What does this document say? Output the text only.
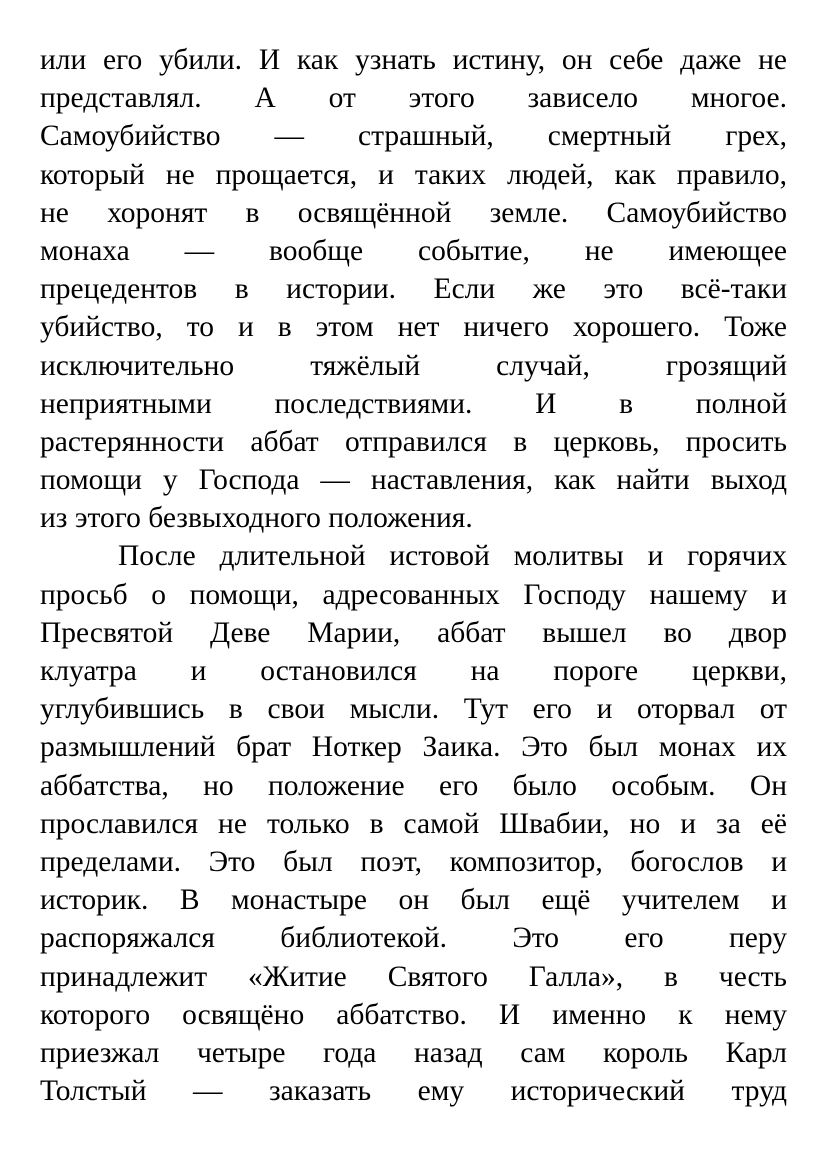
или его убили. И как узнать истину, он себе даже не
представлял. А от этого зависело многое.
Самоубийство — страшный, смертный грех,
который не прощается, и таких людей, как правило,
не хоронят в освящённой земле. Самоубийство
монаха — вообще событие, не имеющее
прецедентов в истории. Если же это всё-таки
убийство, то и в этом нет ничего хорошего. Тоже
исключительно тяжёлый случай, грозящий
неприятными последствиями. И в полной
растерянности аббат отправился в церковь, просить
помощи у Господа — наставления, как найти выход
из этого безвыходного положения.
После длительной истовой молитвы и горячих
просьб о помощи, адресованных Господу нашему и
Пресвятой Деве Марии, аббат вышел во двор
клуатра и остановился на пороге церкви,
углубившись в свои мысли. Тут его и оторвал от
размышлений брат Ноткер Заика. Это был монах их
аббатства, но положение его было особым. Он
прославился не только в самой Швабии, но и за её
пределами. Это был поэт, композитор, богослов и
историк. В монастыре он был ещё учителем и
распоряжался библиотекой. Это его перу
принадлежит «Житие Святого Галла», в честь
которого освящёно аббатство. И именно к нему
приезжал четыре года назад сам король Карл
Толстый — заказать ему исторический труд
